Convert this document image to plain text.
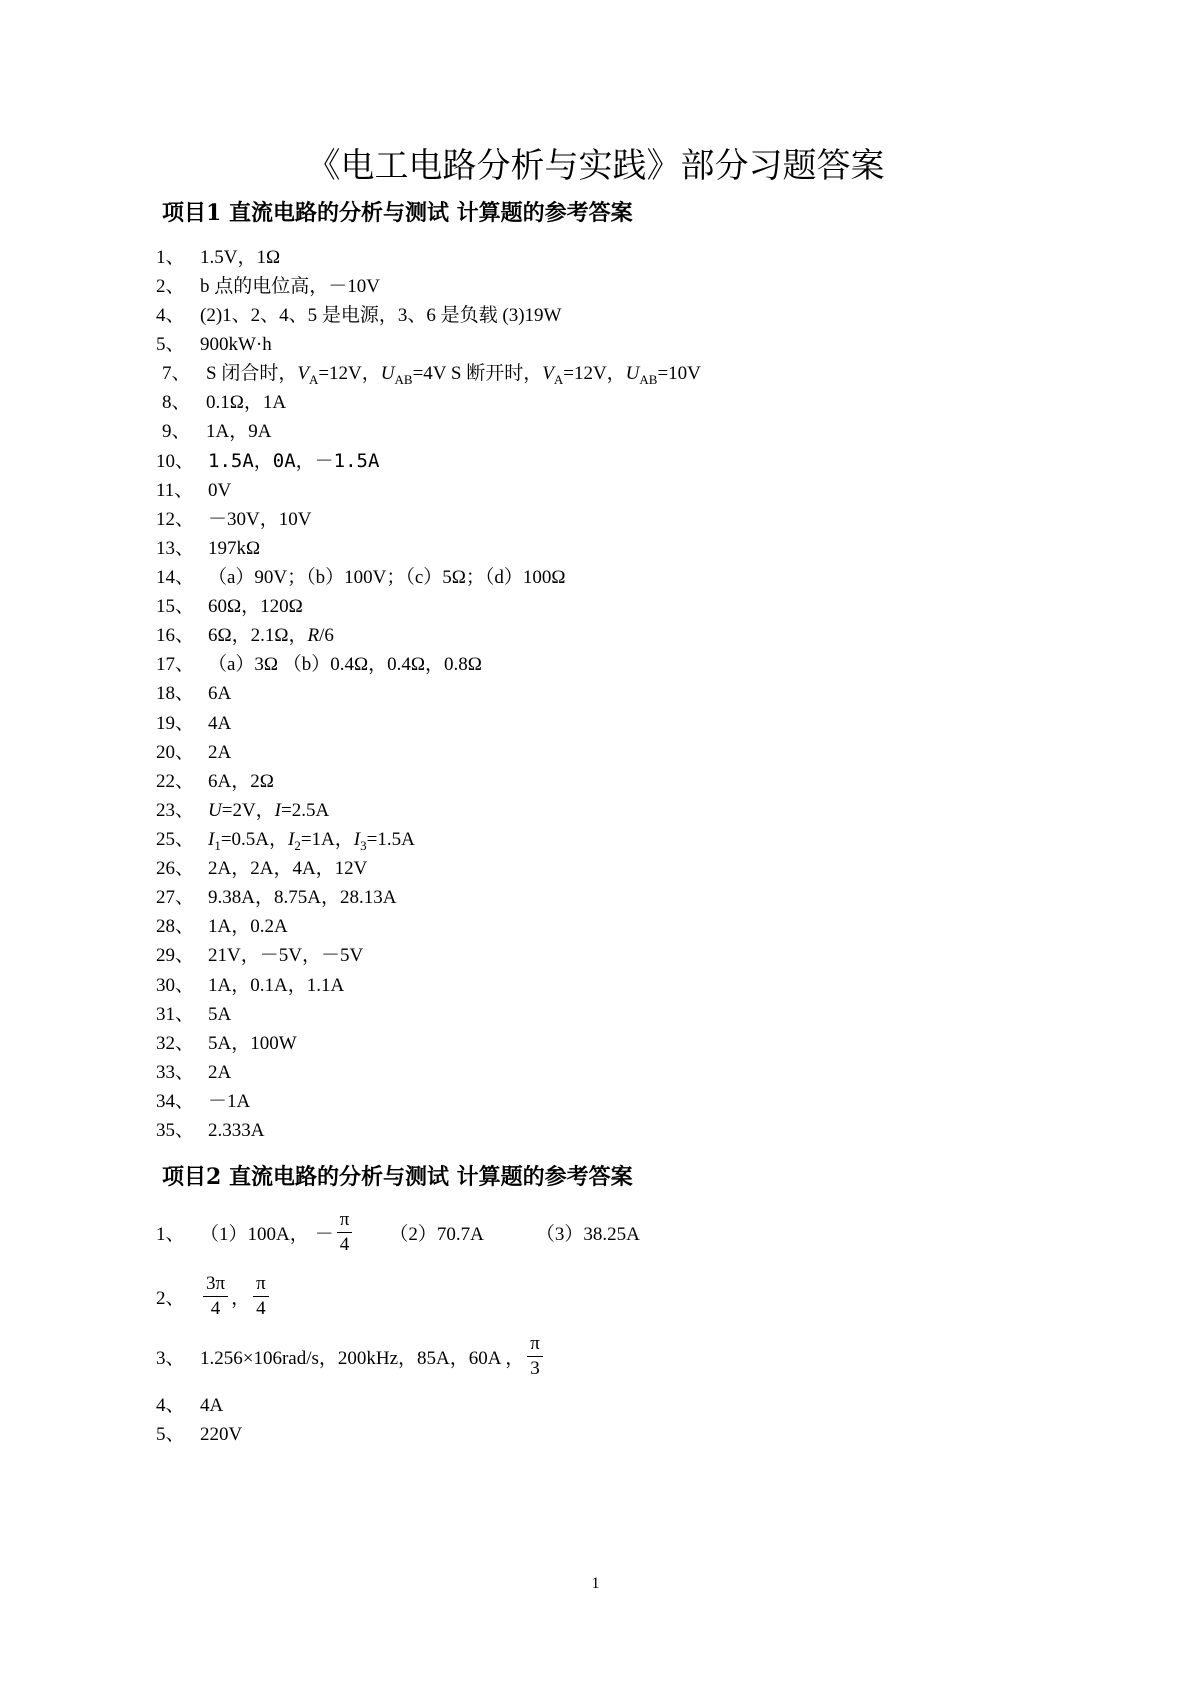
《电工电路分析与实践》部分习题答案
项目1 直流电路的分析与测试 计算题的参考答案
1、 1.5V，1Ω
2、 b 点的电位高，－10V
4、 (2)1、2、4、5 是电源，3、6 是负载 (3)19W
5、 900kW·h
7、 S 闭合时，$V_A=12V$，$U_{AB}=4V$ S 断开时，$V_A=12V$，$U_{AB}=10V$
8、 0.1Ω，1A
9、 1A，9A
10、 1.5A，0A，－1.5A
11、 0V
12、 －30V，10V
13、 197kΩ
14、 （a）90V；（b）100V；（c）5Ω；（d）100Ω
15、 60Ω，120Ω
16、 6Ω，2.1Ω，R/6
17、 （a）3Ω （b）0.4Ω，0.4Ω，0.8Ω
18、 6A
19、 4A
20、 2A
22、 6A，2Ω
23、 U=2V，I=2.5A
25、 $I_1=0.5A$，$I_2=1A$，$I_3=1.5A$
26、 2A，2A，4A，12V
27、 9.38A，8.75A，28.13A
28、 1A，0.2A
29、 21V，－5V，－5V
30、 1A，0.1A，1.1A
31、 5A
32、 5A，100W
33、 2A
34、 －1A
35、 2.333A
项目2 直流电路的分析与测试 计算题的参考答案
1、 （1）100A， － $\frac{\pi}{4} (2)70.7A$	（3）38.25A
2、 $\frac{3\pi}{4}$ ， $\frac{\pi}{4}$
3、 1.256×106rad/s，200kHz，85A，60A ， $\frac{\pi}{3}$
4、 4A
5、 220V
1
